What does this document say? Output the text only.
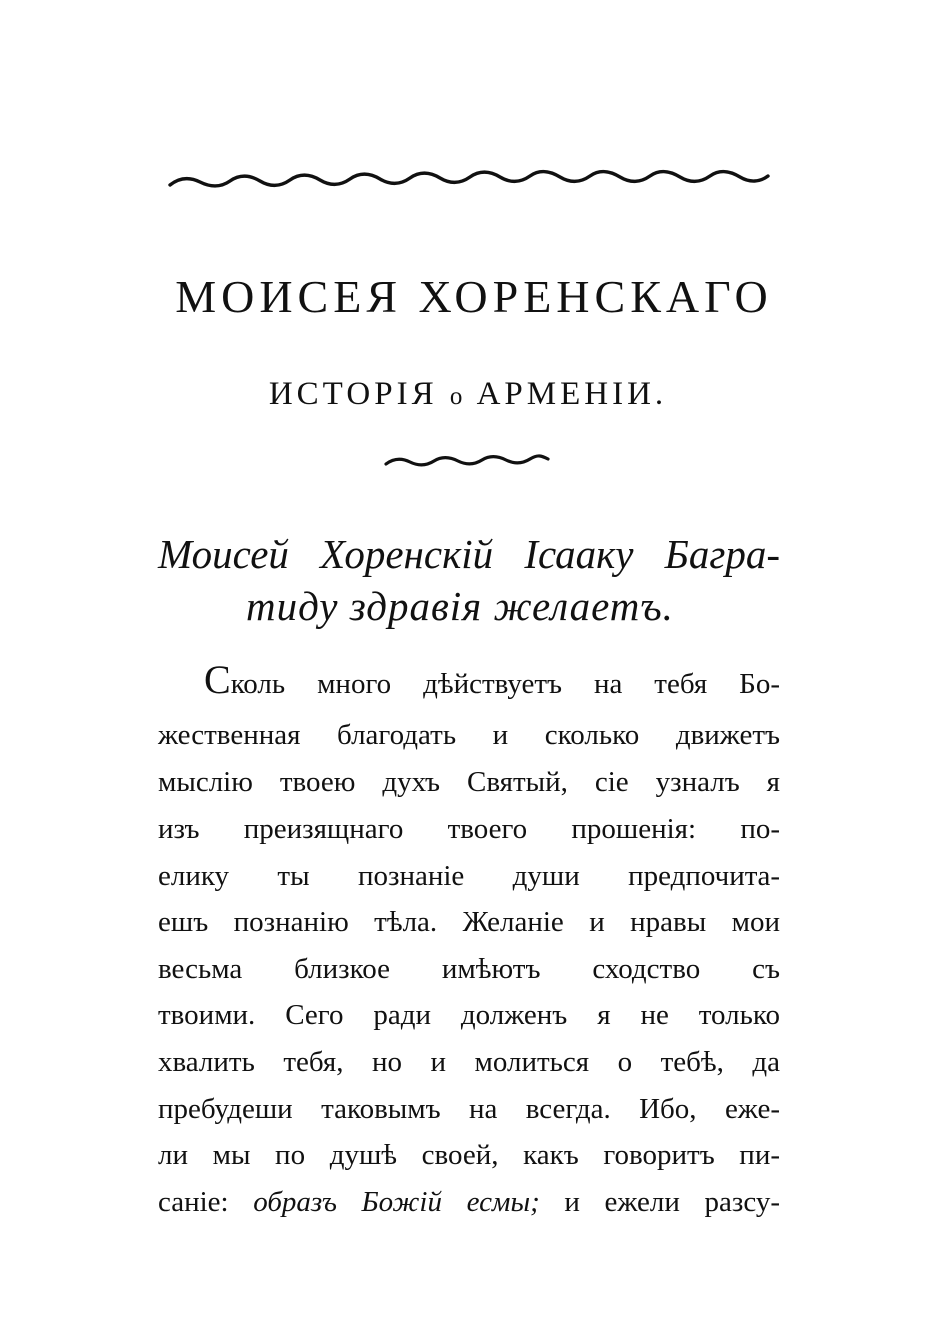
МОИСЕЯ ХОРЕНСКАГО
ИСТОРІЯ о АРМЕНІИ.
Моисей Хоренскій Ісааку Багра-
тиду здравія желаетъ.
Сколь много дѣйствуетъ на тебя Бо-
жественная благодать и сколько движетъ
мыслію твоею духъ Святый, сіе узналъ я
изъ преизящнаго твоего прошенія: по-
елику ты познаніе души предпочитa-
ешъ познанію тѣла. Желаніе и нравы мои
весьма близкое имѣютъ сходство съ
твоими. Сего ради долженъ я не только
хвалить тебя, но и молиться о тебѣ, да
пребудеши таковымъ на всегда. Ибо, еже-
ли мы по душѣ своей, какъ говоритъ пи-
саніе: образъ Божій есмы; и ежели разсу-
